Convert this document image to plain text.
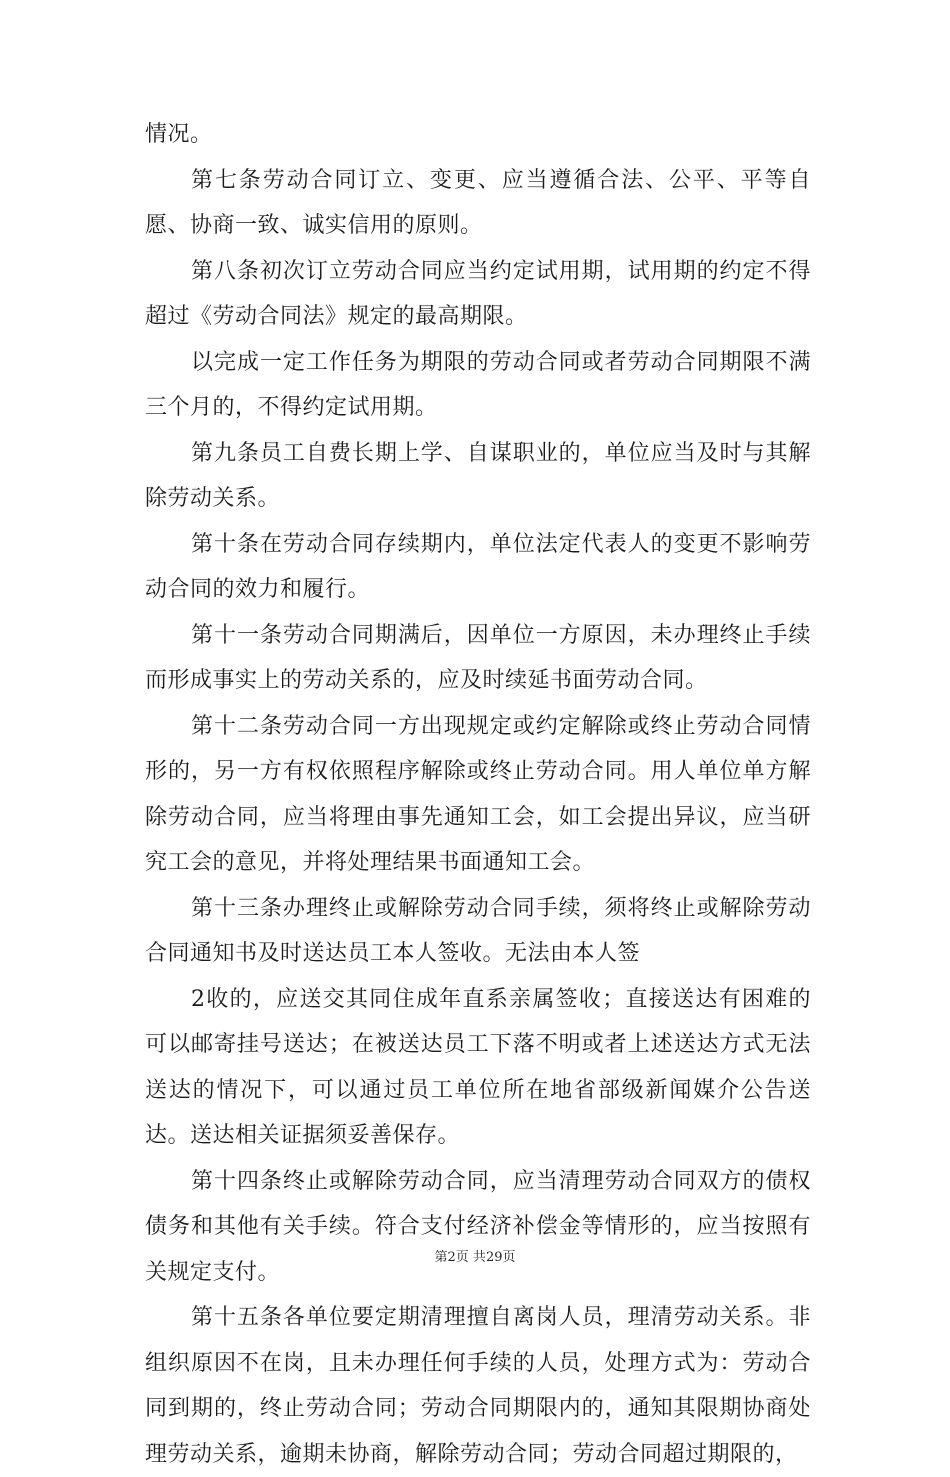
情况。

第七条劳动合同订立、变更、应当遵循合法、公平、平等自愿、协商一致、诚实信用的原则。

第八条初次订立劳动合同应当约定试用期，试用期的约定不得超过《劳动合同法》规定的最高期限。

以完成一定工作任务为期限的劳动合同或者劳动合同期限不满三个月的，不得约定试用期。

第九条员工自费长期上学、自谋职业的，单位应当及时与其解除劳动关系。

第十条在劳动合同存续期内，单位法定代表人的变更不影响劳动合同的效力和履行。

第十一条劳动合同期满后，因单位一方原因，未办理终止手续而形成事实上的劳动关系的，应及时续延书面劳动合同。

第十二条劳动合同一方出现规定或约定解除或终止劳动合同情形的，另一方有权依照程序解除或终止劳动合同。用人单位单方解除劳动合同，应当将理由事先通知工会，如工会提出异议，应当研究工会的意见，并将处理结果书面通知工会。

第十三条办理终止或解除劳动合同手续，须将终止或解除劳动合同通知书及时送达员工本人签收。无法由本人签

2收的，应送交其同住成年直系亲属签收；直接送达有困难的可以邮寄挂号送达；在被送达员工下落不明或者上述送达方式无法送达的情况下，可以通过员工单位所在地省部级新闻媒介公告送达。送达相关证据须妥善保存。

第十四条终止或解除劳动合同，应当清理劳动合同双方的债权债务和其他有关手续。符合支付经济补偿金等情形的，应当按照有关规定支付。

第十五条各单位要定期清理擅自离岗人员，理清劳动关系。非组织原因不在岗，且未办理任何手续的人员，处理方式为：劳动合同到期的，终止劳动合同；劳动合同期限内的，通知其限期协商处理劳动关系，逾期未协商，解除劳动合同；劳动合同超过期限的，

第2页 共29页
